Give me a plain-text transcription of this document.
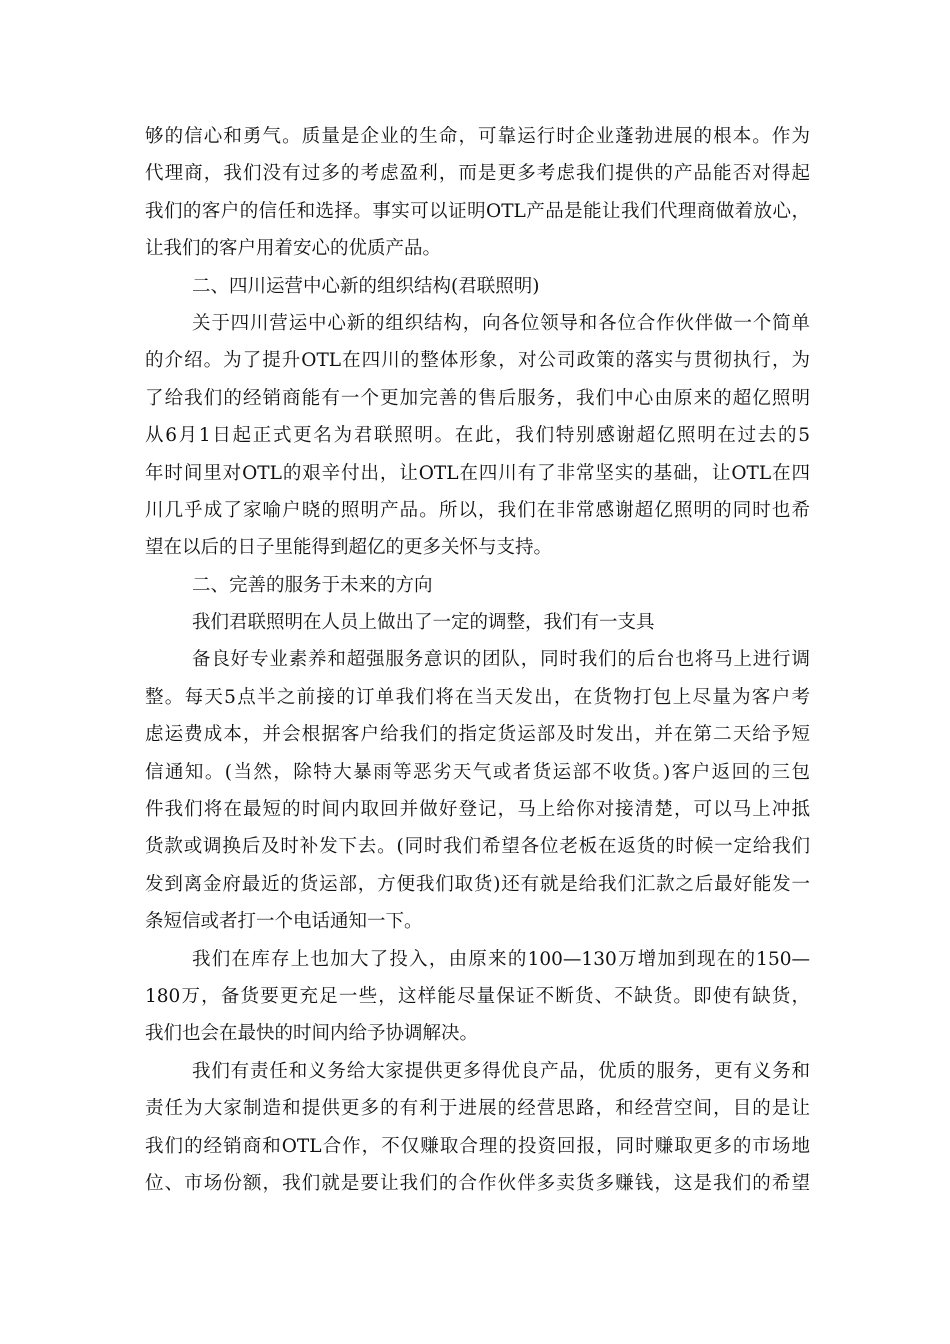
够的信心和勇气。质量是企业的生命，可靠运行时企业蓬勃进展的根本。作为
代理商，我们没有过多的考虑盈利，而是更多考虑我们提供的产品能否对得起
我们的客户的信任和选择。事实可以证明OTL产品是能让我们代理商做着放心，
让我们的客户用着安心的优质产品。
二、四川运营中心新的组织结构(君联照明)
关于四川营运中心新的组织结构，向各位领导和各位合作伙伴做一个简单
的介绍。为了提升OTL在四川的整体形象，对公司政策的落实与贯彻执行，为
了给我们的经销商能有一个更加完善的售后服务，我们中心由原来的超亿照明
从6月1日起正式更名为君联照明。在此，我们特别感谢超亿照明在过去的5
年时间里对OTL的艰辛付出，让OTL在四川有了非常坚实的基础，让OTL在四
川几乎成了家喻户晓的照明产品。所以，我们在非常感谢超亿照明的同时也希
望在以后的日子里能得到超亿的更多关怀与支持。
二、完善的服务于未来的方向
我们君联照明在人员上做出了一定的调整，我们有一支具
备良好专业素养和超强服务意识的团队，同时我们的后台也将马上进行调
整。每天5点半之前接的订单我们将在当天发出，在货物打包上尽量为客户考
虑运费成本，并会根据客户给我们的指定货运部及时发出，并在第二天给予短
信通知。(当然，除特大暴雨等恶劣天气或者货运部不收货。)客户返回的三包
件我们将在最短的时间内取回并做好登记，马上给你对接清楚，可以马上冲抵
货款或调换后及时补发下去。(同时我们希望各位老板在返货的时候一定给我们
发到离金府最近的货运部，方便我们取货)还有就是给我们汇款之后最好能发一
条短信或者打一个电话通知一下。
我们在库存上也加大了投入，由原来的100—130万增加到现在的150—
180万，备货要更充足一些，这样能尽量保证不断货、不缺货。即使有缺货，
我们也会在最快的时间内给予协调解决。
我们有责任和义务给大家提供更多得优良产品，优质的服务，更有义务和
责任为大家制造和提供更多的有利于进展的经营思路，和经营空间，目的是让
我们的经销商和OTL合作，不仅赚取合理的投资回报，同时赚取更多的市场地
位、市场份额，我们就是要让我们的合作伙伴多卖货多赚钱，这是我们的希望
